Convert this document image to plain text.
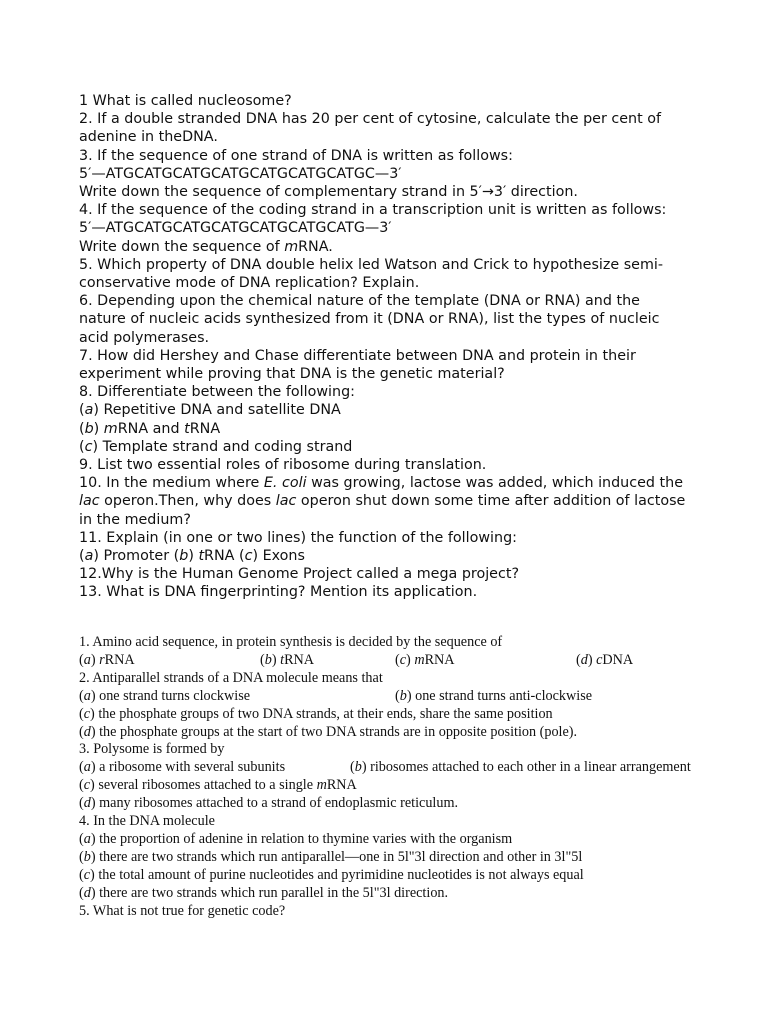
1 What is called nucleosome?
2. If a double stranded DNA has 20 per cent of cytosine, calculate the per cent of
adenine in theDNA.
3. If the sequence of one strand of DNA is written as follows:
5′—ATGCATGCATGCATGCATGCATGCATGC—3′
Write down the sequence of complementary strand in 5′→3′ direction.
4. If the sequence of the coding strand in a transcription unit is written as follows:
5′—ATGCATGCATGCATGCATGCATGCATG—3′
Write down the sequence of mRNA.
5. Which property of DNA double helix led Watson and Crick to hypothesize semi-
conservative mode of DNA replication? Explain.
6. Depending upon the chemical nature of the template (DNA or RNA) and the
nature of nucleic acids synthesized from it (DNA or RNA), list the types of nucleic
acid polymerases.
7. How did Hershey and Chase differentiate between DNA and protein in their
experiment while proving that DNA is the genetic material?
8. Differentiate between the following:
(a) Repetitive DNA and satellite DNA
(b) mRNA and tRNA
(c) Template strand and coding strand
9. List two essential roles of ribosome during translation.
10. In the medium where E. coli was growing, lactose was added, which induced the
lac operon.Then, why does lac operon shut down some time after addition of lactose
in the medium?
11. Explain (in one or two lines) the function of the following:
(a) Promoter (b) tRNA (c) Exons
12.Why is the Human Genome Project called a mega project?
13. What is DNA fingerprinting? Mention its application.
1. Amino acid sequence, in protein synthesis is decided by the sequence of
(a) rRNA	(b) tRNA	(c) mRNA	(d) cDNA
2. Antiparallel strands of a DNA molecule means that
(a) one strand turns clockwise	(b) one strand turns anti-clockwise
(c) the phosphate groups of two DNA strands, at their ends, share the same position
(d) the phosphate groups at the start of two DNA strands are in opposite position (pole).
3. Polysome is formed by
(a) a ribosome with several subunits	(b) ribosomes attached to each other in a linear arrangement
(c) several ribosomes attached to a single mRNA
(d) many ribosomes attached to a strand of endoplasmic reticulum.
4. In the DNA molecule
(a) the proportion of adenine in relation to thymine varies with the organism
(b) there are two strands which run antiparallel—one in 5l"3l direction and other in 3l"5l
(c) the total amount of purine nucleotides and pyrimidine nucleotides is not always equal
(d) there are two strands which run parallel in the 5l"3l direction.
5. What is not true for genetic code?
